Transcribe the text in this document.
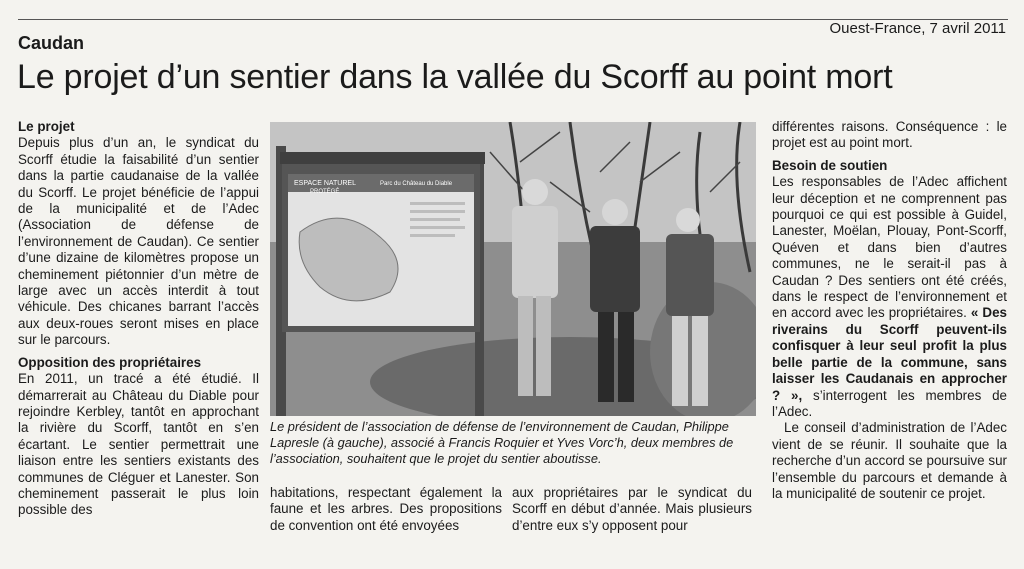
Ouest-France, 7 avril 2011
Caudan
Le projet d’un sentier dans la vallée du Scorff au point mort
Le projet

Depuis plus d’un an, le syndicat du Scorff étudie la faisabilité d’un sentier dans la partie caudanaise de la vallée du Scorff. Le projet bénéficie de l’appui de la municipalité et de l’Adec (Association de défense de l’environnement de Caudan). Ce sentier d’une dizaine de kilomètres propose un cheminement piétonnier d’un mètre de large avec un accès interdit à tout véhicule. Des chicanes barrant l’accès aux deux-roues seront mises en place sur le parcours.

Opposition des propriétaires

En 2011, un tracé a été étudié. Il démarrerait au Château du Diable pour rejoindre Kerbley, tantôt en approchant la rivière du Scorff, tantôt en s’en écartant. Le sentier permettrait une liaison entre les sentiers existants des communes de Cléguer et Lanester. Son cheminement passerait le plus loin possible des

ESPACE NATUREL
PROTÉGÉ
Parc du Château du Diable
Le président de l’association de défense de l’environnement de Caudan, Philippe Lapresle (à gauche), associé à Francis Roquier et Yves Vorc’h, deux membres de l’association, souhaitent que le projet du sentier aboutisse.

habitations, respectant également la faune et les arbres. Des propositions de convention ont été envoyées

aux propriétaires par le syndicat du Scorff en début d’année. Mais plusieurs d’entre eux s’y opposent pour

différentes raisons. Conséquence : le projet est au point mort.

Besoin de soutien

Les responsables de l’Adec affichent leur déception et ne comprennent pas pourquoi ce qui est possible à Guidel, Lanester, Moëlan, Plouay, Pont-Scorff, Quéven et dans bien d’autres communes, ne le serait-il pas à Caudan ? Des sentiers ont été créés, dans le respect de l’environnement et en accord avec les propriétaires. « Des riverains du Scorff peuvent-ils confisquer à leur seul profit la plus belle partie de la commune, sans laisser les Caudanais en approcher ? », s’interrogent les membres de l’Adec.

Le conseil d’administration de l’Adec vient de se réunir. Il souhaite que la recherche d’un accord se poursuive sur l’ensemble du parcours et demande à la municipalité de soutenir ce projet.
